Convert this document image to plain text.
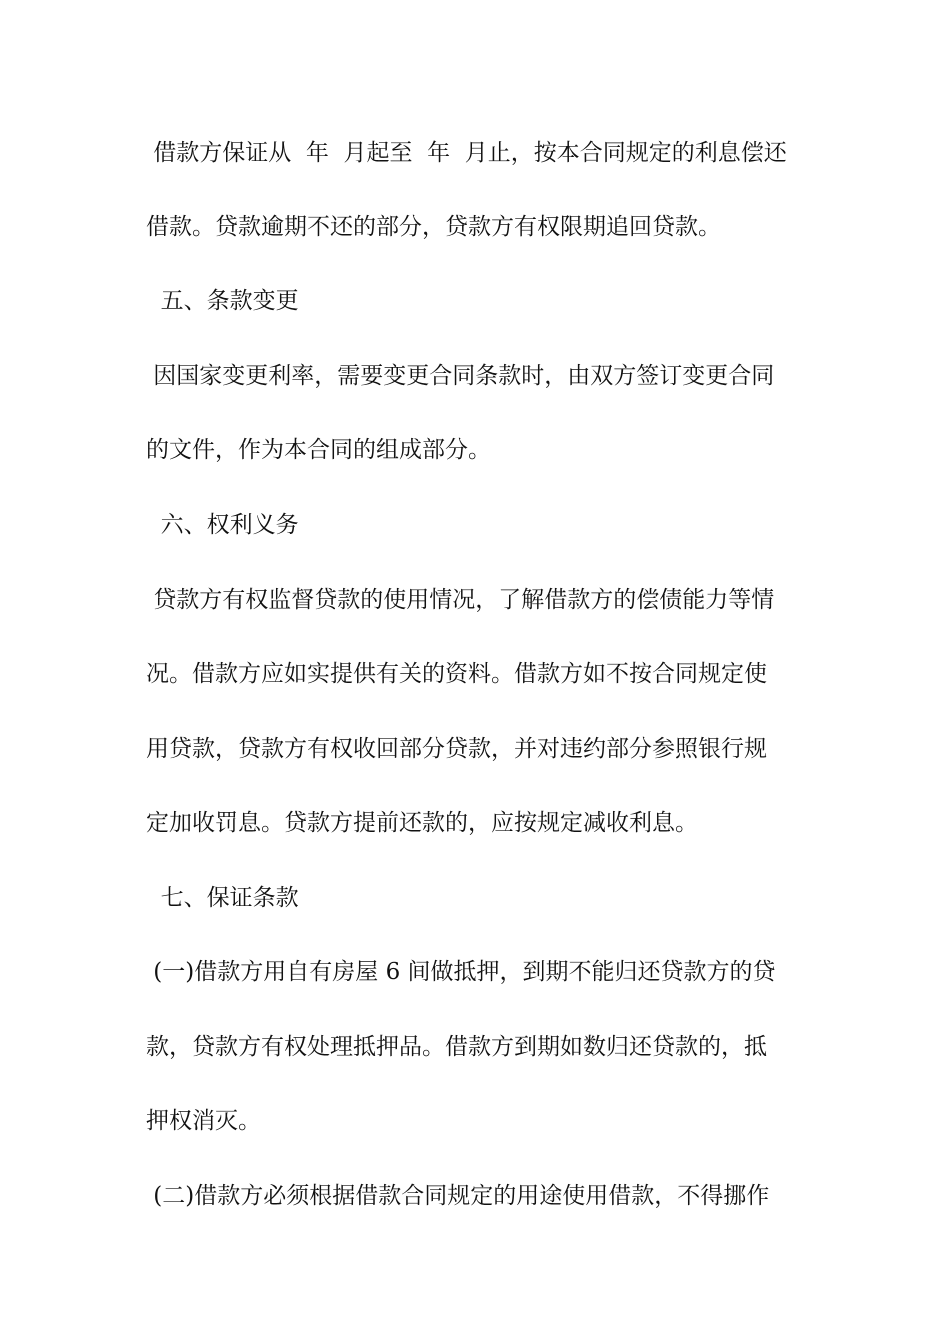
借款方保证从  年  月起至  年  月止，按本合同规定的利息偿还
借款。贷款逾期不还的部分，贷款方有权限期追回贷款。
五、条款变更
因国家变更利率，需要变更合同条款时，由双方签订变更合同
的文件，作为本合同的组成部分。
六、权利义务
贷款方有权监督贷款的使用情况，了解借款方的偿债能力等情
况。借款方应如实提供有关的资料。借款方如不按合同规定使
用贷款，贷款方有权收回部分贷款，并对违约部分参照银行规
定加收罚息。贷款方提前还款的，应按规定减收利息。
七、保证条款
(一)借款方用自有房屋 6 间做抵押，到期不能归还贷款方的贷
款，贷款方有权处理抵押品。借款方到期如数归还贷款的，抵
押权消灭。
(二)借款方必须根据借款合同规定的用途使用借款，不得挪作
